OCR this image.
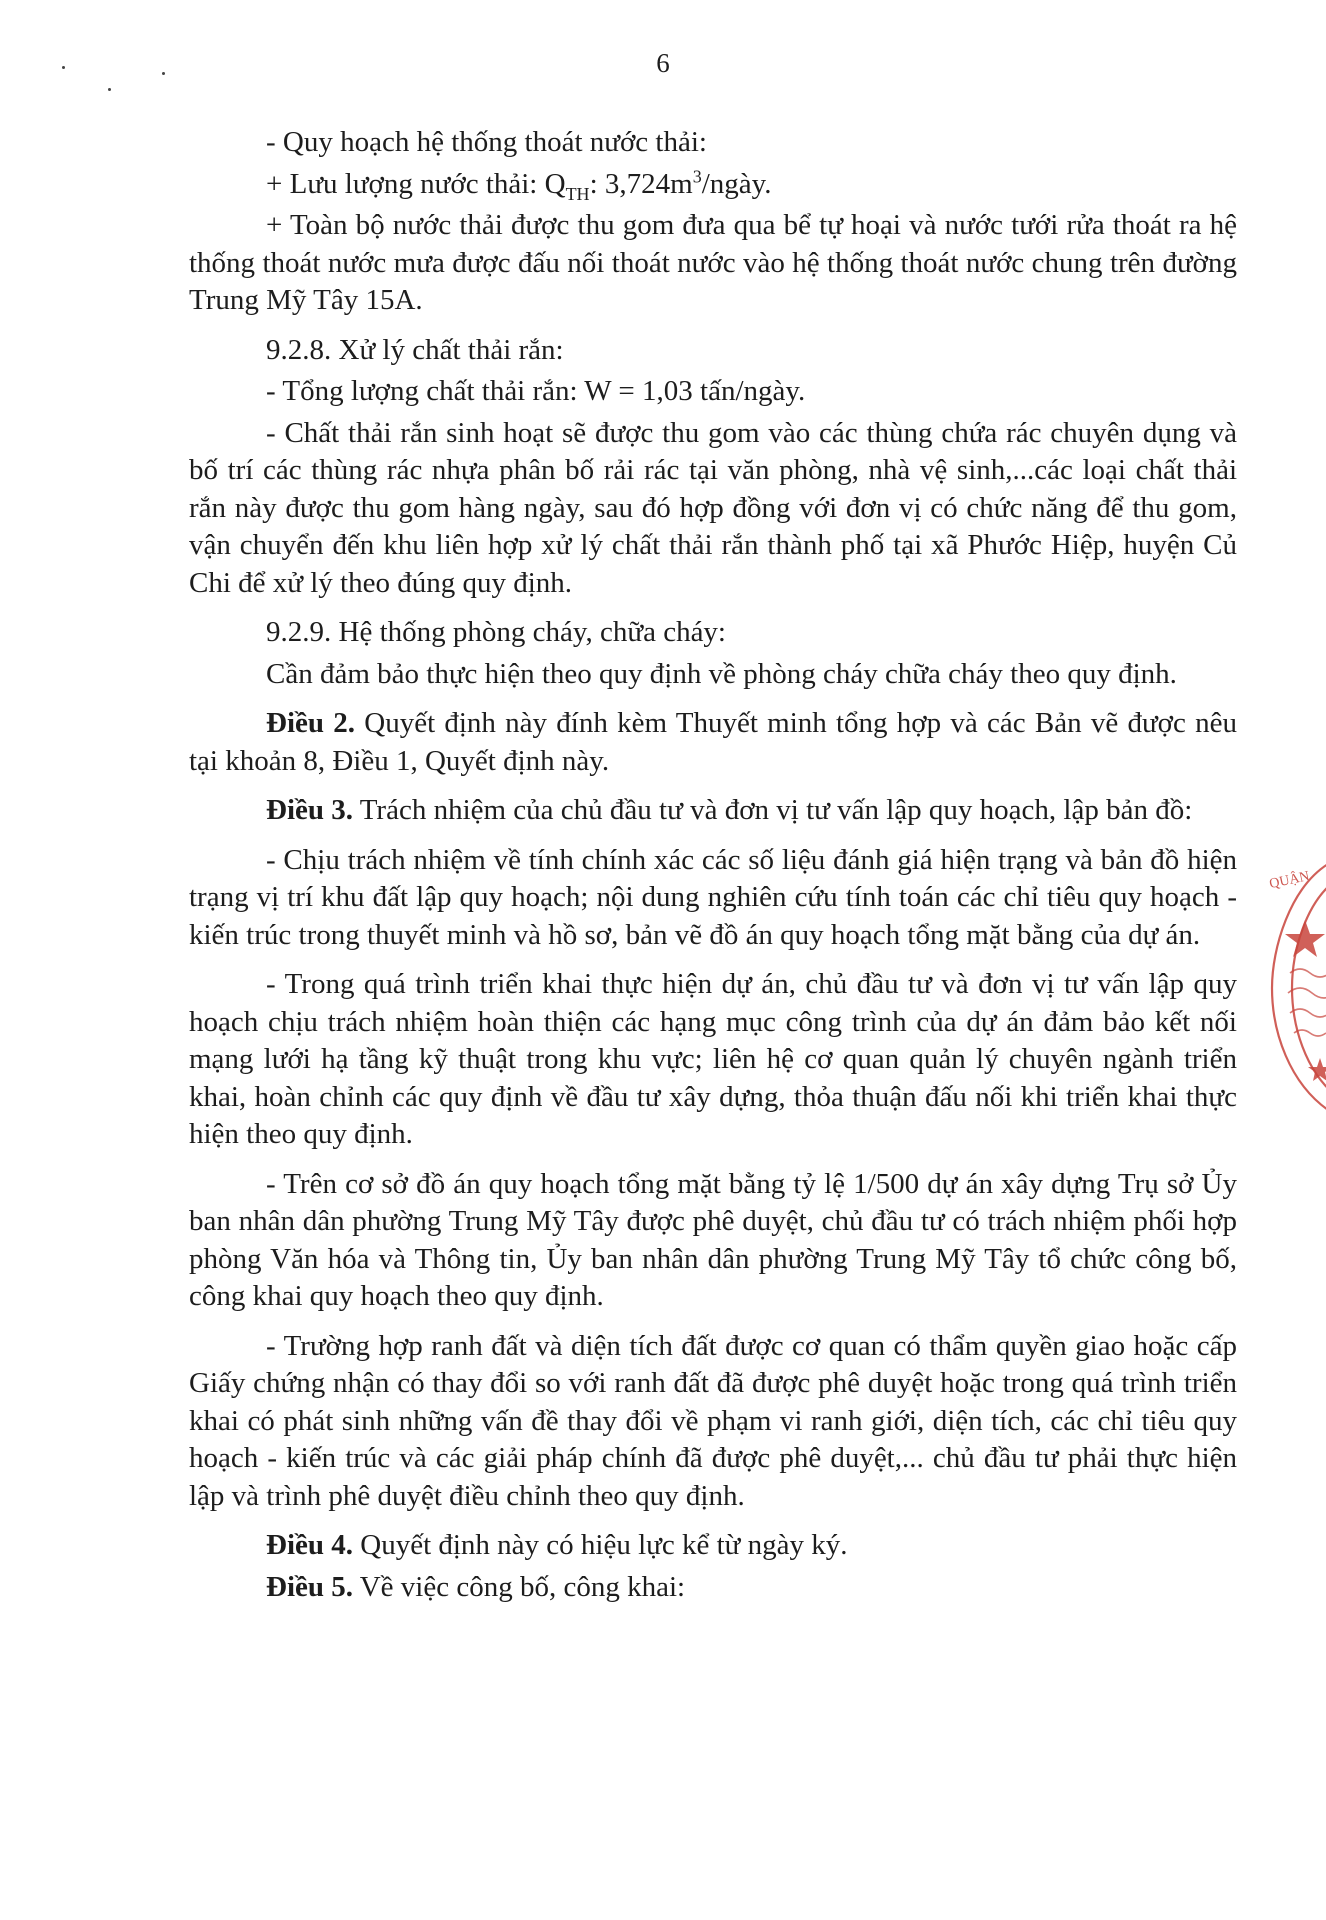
6

- Quy hoạch hệ thống thoát nước thải:

+ Lưu lượng nước thải: $Q_{TH}$: $3,724m^3$/ngày.

+ Toàn bộ nước thải được thu gom đưa qua bể tự hoại và nước tưới rửa thoát ra hệ thống thoát nước mưa được đấu nối thoát nước vào hệ thống thoát nước chung trên đường Trung Mỹ Tây 15A.

9.2.8. Xử lý chất thải rắn:

- Tổng lượng chất thải rắn: W = 1,03 tấn/ngày.

- Chất thải rắn sinh hoạt sẽ được thu gom vào các thùng chứa rác chuyên dụng và bố trí các thùng rác nhựa phân bố rải rác tại văn phòng, nhà vệ sinh,...các loại chất thải rắn này được thu gom hàng ngày, sau đó hợp đồng với đơn vị có chức năng để thu gom, vận chuyển đến khu liên hợp xử lý chất thải rắn thành phố tại xã Phước Hiệp, huyện Củ Chi để xử lý theo đúng quy định.

9.2.9. Hệ thống phòng cháy, chữa cháy:

Cần đảm bảo thực hiện theo quy định về phòng cháy chữa cháy theo quy định.

Điều 2. Quyết định này đính kèm Thuyết minh tổng hợp và các Bản vẽ được nêu tại khoản 8, Điều 1, Quyết định này.

Điều 3. Trách nhiệm của chủ đầu tư và đơn vị tư vấn lập quy hoạch, lập bản đồ:

- Chịu trách nhiệm về tính chính xác các số liệu đánh giá hiện trạng và bản đồ hiện trạng vị trí khu đất lập quy hoạch; nội dung nghiên cứu tính toán các chỉ tiêu quy hoạch - kiến trúc trong thuyết minh và hồ sơ, bản vẽ đồ án quy hoạch tổng mặt bằng của dự án.

- Trong quá trình triển khai thực hiện dự án, chủ đầu tư và đơn vị tư vấn lập quy hoạch chịu trách nhiệm hoàn thiện các hạng mục công trình của dự án đảm bảo kết nối mạng lưới hạ tầng kỹ thuật trong khu vực; liên hệ cơ quan quản lý chuyên ngành triển khai, hoàn chỉnh các quy định về đầu tư xây dựng, thỏa thuận đấu nối khi triển khai thực hiện theo quy định.

- Trên cơ sở đồ án quy hoạch tổng mặt bằng tỷ lệ 1/500 dự án xây dựng Trụ sở Ủy ban nhân dân phường Trung Mỹ Tây được phê duyệt, chủ đầu tư có trách nhiệm phối hợp phòng Văn hóa và Thông tin, Ủy ban nhân dân phường Trung Mỹ Tây tổ chức công bố, công khai quy hoạch theo quy định.

- Trường hợp ranh đất và diện tích đất được cơ quan có thẩm quyền giao hoặc cấp Giấy chứng nhận có thay đổi so với ranh đất đã được phê duyệt hoặc trong quá trình triển khai có phát sinh những vấn đề thay đổi về phạm vi ranh giới, diện tích, các chỉ tiêu quy hoạch - kiến trúc và các giải pháp chính đã được phê duyệt,... chủ đầu tư phải thực hiện lập và trình phê duyệt điều chỉnh theo quy định.

Điều 4. Quyết định này có hiệu lực kể từ ngày ký.

Điều 5. Về việc công bố, công khai:

QUẬN
